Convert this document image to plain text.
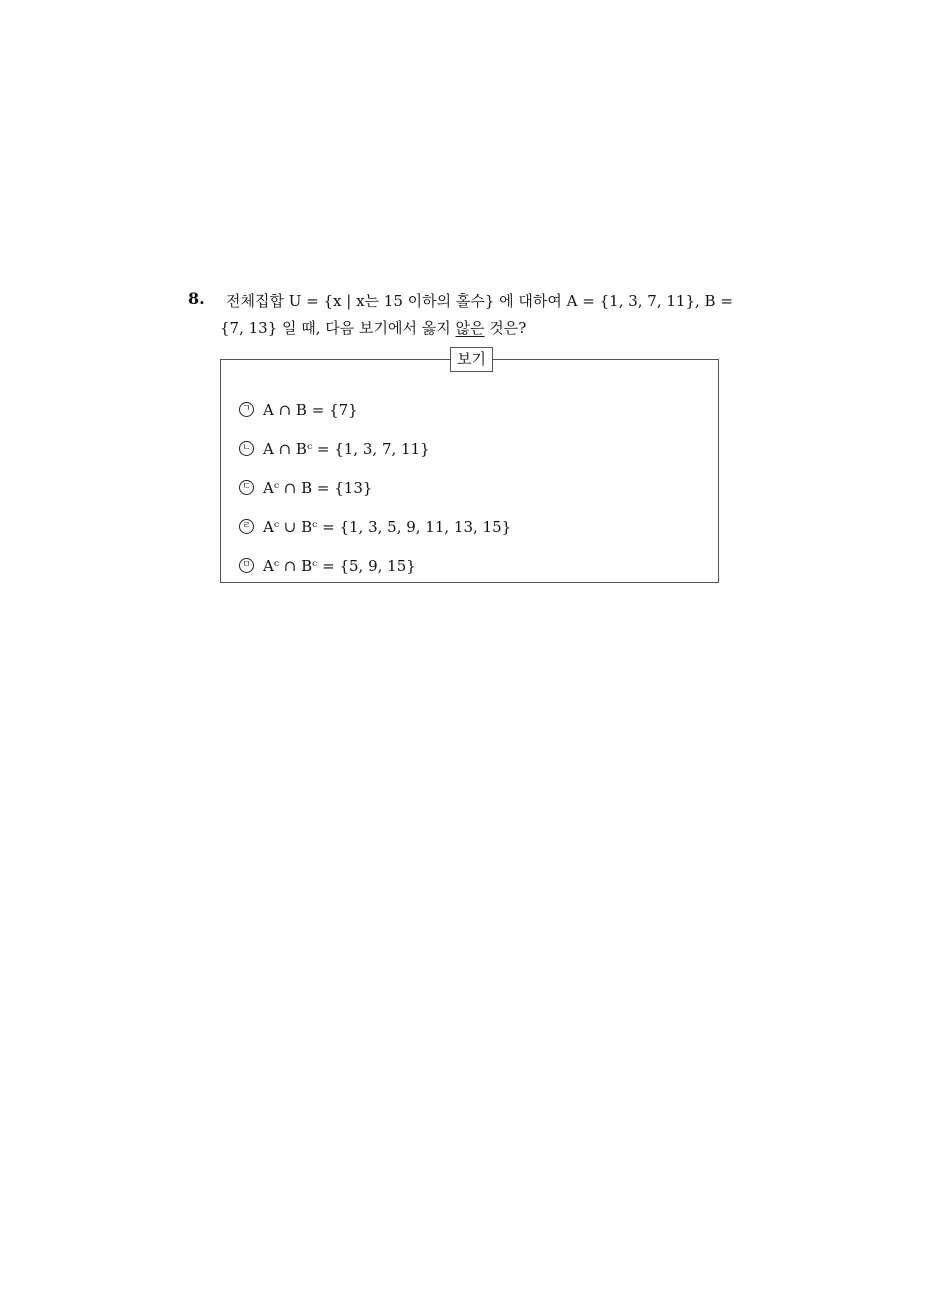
8. 전체집합 U = {x | x는 15 이하의 홀수} 에 대하여 A = {1, 3, 7, 11}, B =
{7, 13} 일 때, 다음 보기에서 옳지 않은 것은?
보기
ㄱ A ∩ B = {7}
ㄴ A ∩ Bᶜ = {1, 3, 7, 11}
ㄷ Aᶜ ∩ B = {13}
ㄹ Aᶜ ∪ Bᶜ = {1, 3, 5, 9, 11, 13, 15}
ㅁ Aᶜ ∩ Bᶜ = {5, 9, 15}
